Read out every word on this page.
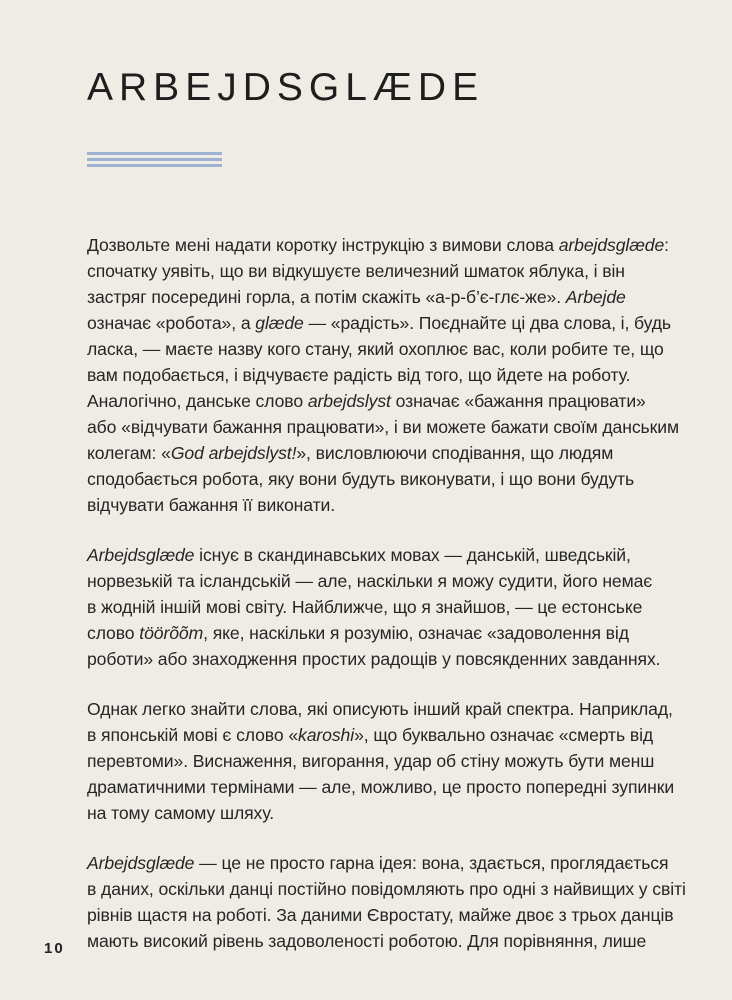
ARBEJDSGLÆDE
Дозвольте мені надати коротку інструкцію з вимови слова arbejdsglæde:
спочатку уявіть, що ви відкушуєте величезний шматок яблука, і він
застряг посередині горла, а потім скажіть «а-р-б’є-глє-же». Arbejde
означає «робота», а glæde — «радість». Поєднайте ці два слова, і, будь
ласка, — маєте назву кого стану, який охоплює вас, коли робите те, що
вам подобається, і відчуваєте радість від того, що йдете на роботу.
Аналогічно, данське слово arbejdslyst означає «бажання працювати»
або «відчувати бажання працювати», і ви можете бажати своїм данським
колегам: «God arbejdslyst!», висловлюючи сподівання, що людям
сподобається робота, яку вони будуть виконувати, і що вони будуть
відчувати бажання її виконати.
Arbejdsglæde існує в скандинавських мовах — данській, шведській,
норвезькій та ісландській — але, наскільки я можу судити, його немає
в жодній іншій мові світу. Найближче, що я знайшов, — це естонське
слово töörõõm, яке, наскільки я розумію, означає «задоволення від
роботи» або знаходження простих радощів у повсякденних завданнях.
Однак легко знайти слова, які описують інший край спектра. Наприклад,
в японській мові є слово «karoshi», що буквально означає «смерть від
перевтоми». Виснаження, вигорання, удар об стіну можуть бути менш
драматичними термінами — але, можливо, це просто попередні зупинки
на тому самому шляху.
Arbejdsglæde — це не просто гарна ідея: вона, здається, проглядається
в даних, оскільки данці постійно повідомляють про одні з найвищих у світі
рівнів щастя на роботі. За даними Євростату, майже двоє з трьох данців
мають високий рівень задоволеності роботою. Для порівняння, лише
10
